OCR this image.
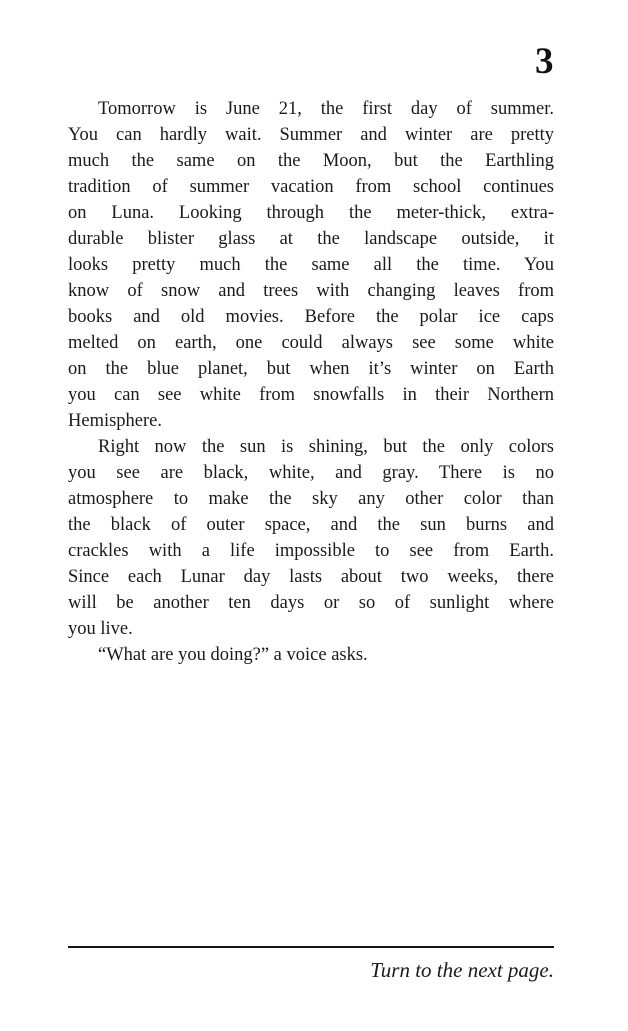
3
Tomorrow is June 21, the first day of summer.
You can hardly wait. Summer and winter are pretty
much the same on the Moon, but the Earthling
tradition of summer vacation from school continues
on Luna. Looking through the meter-thick, extra-
durable blister glass at the landscape outside, it
looks pretty much the same all the time. You
know of snow and trees with changing leaves from
books and old movies. Before the polar ice caps
melted on earth, one could always see some white
on the blue planet, but when it’s winter on Earth
you can see white from snowfalls in their Northern
Hemisphere.
Right now the sun is shining, but the only colors
you see are black, white, and gray. There is no
atmosphere to make the sky any other color than
the black of outer space, and the sun burns and
crackles with a life impossible to see from Earth.
Since each Lunar day lasts about two weeks, there
will be another ten days or so of sunlight where
you live.
“What are you doing?” a voice asks.
Turn to the next page.
